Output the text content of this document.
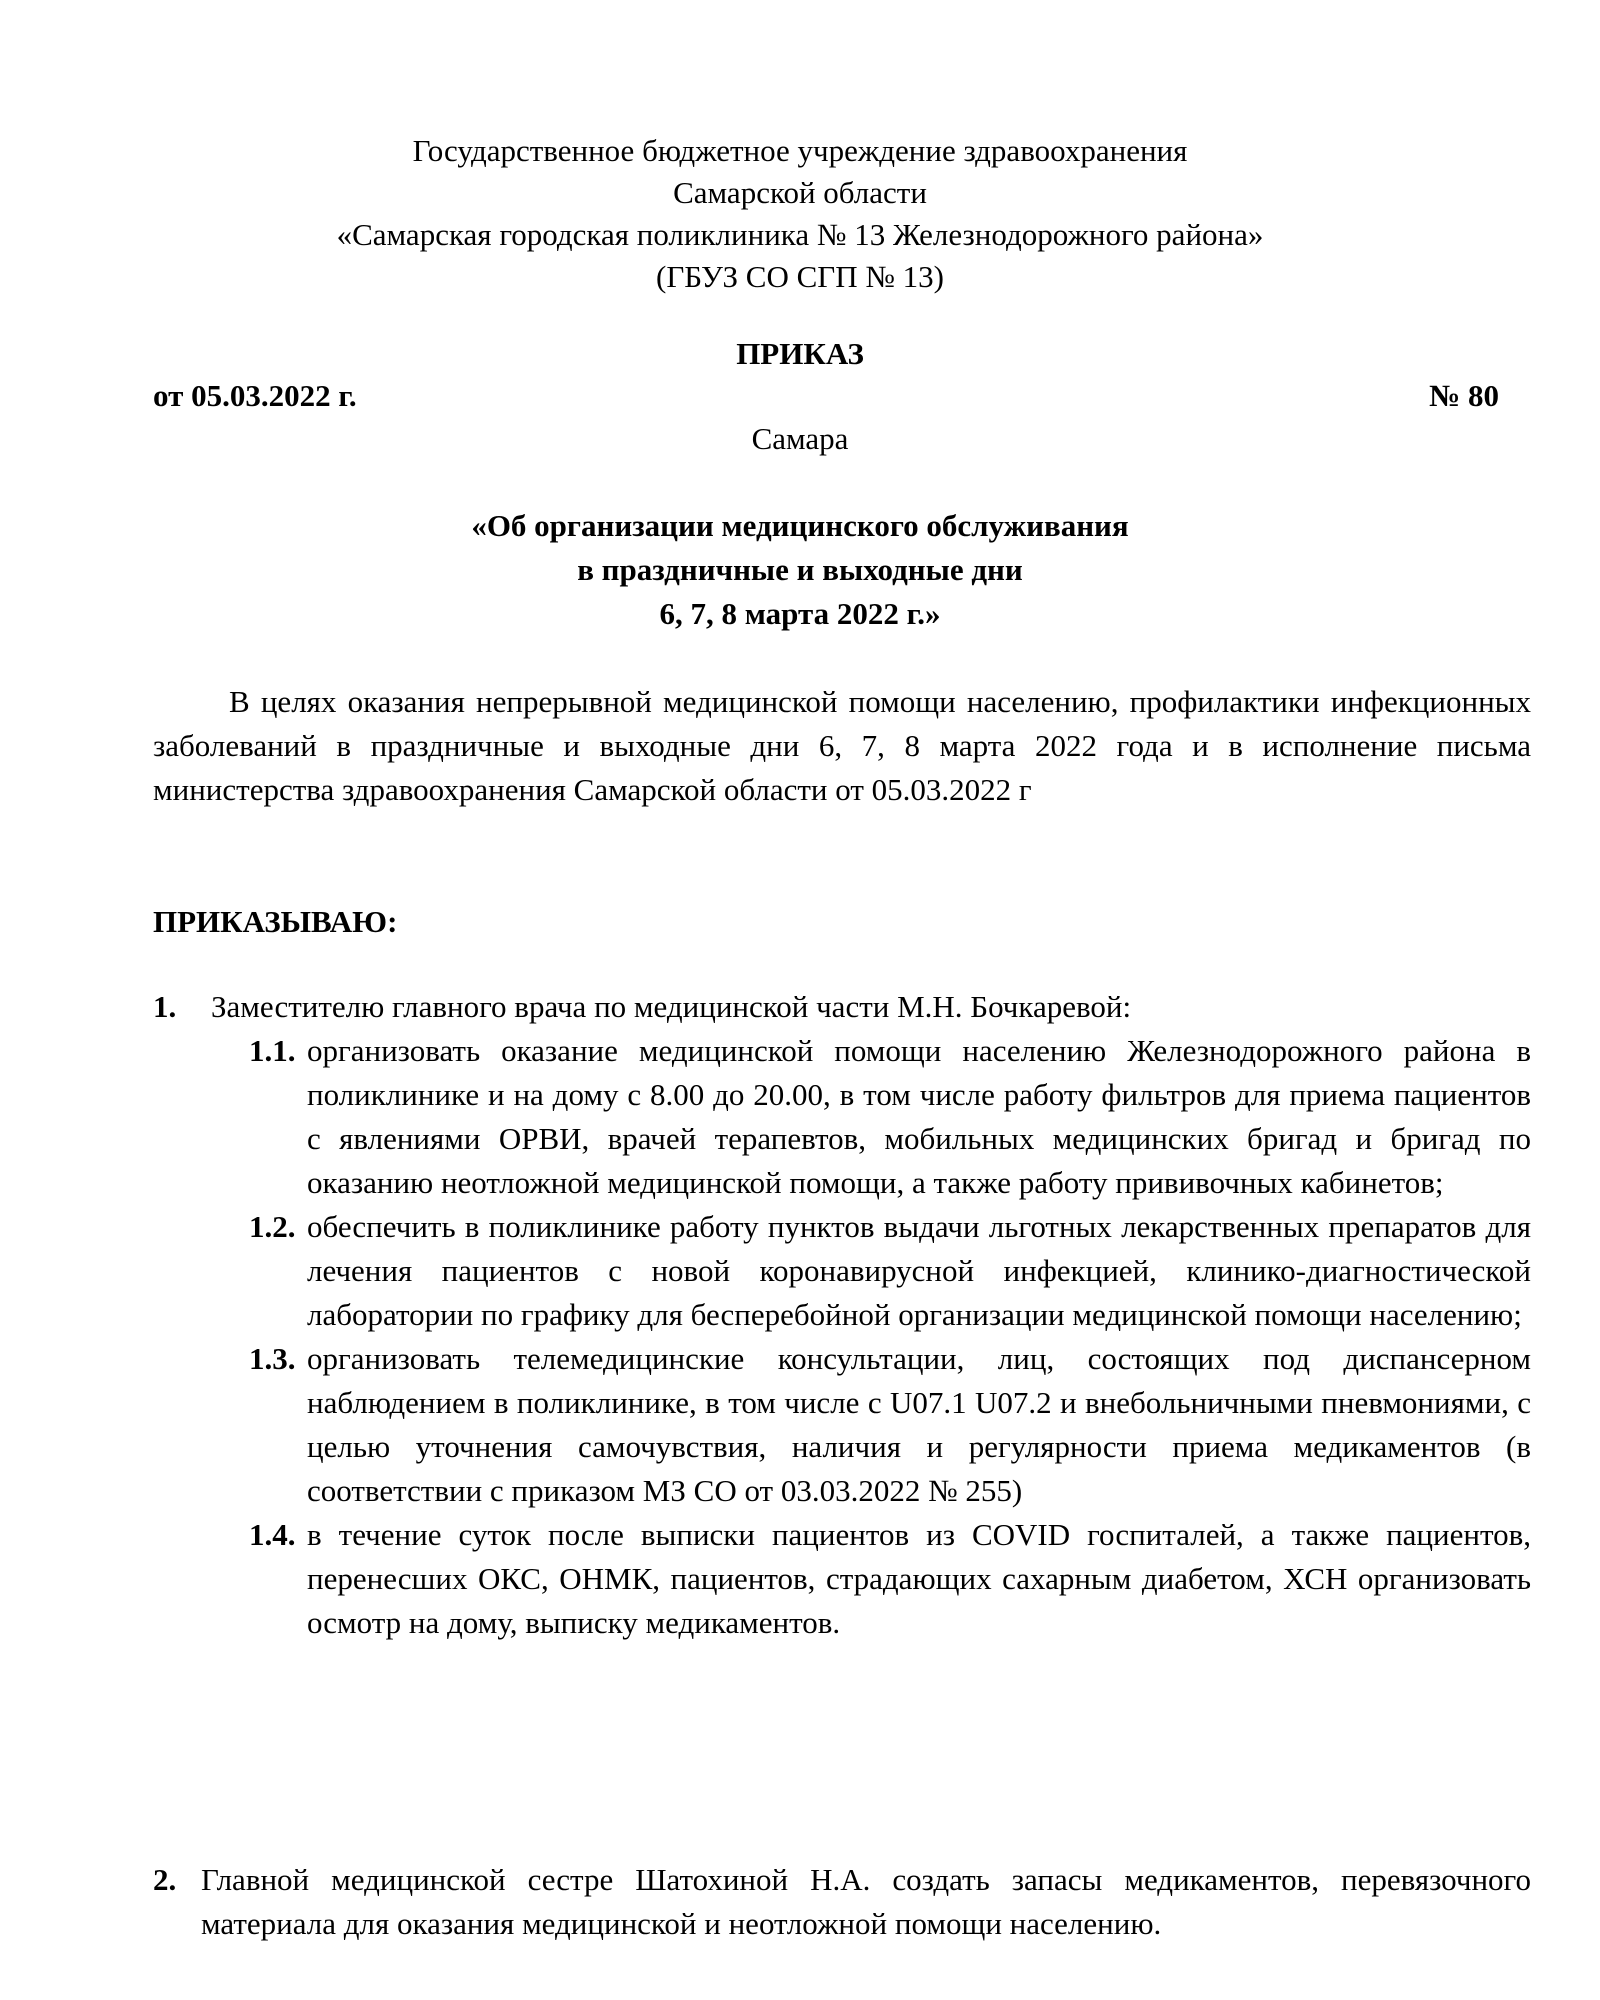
Государственное бюджетное учреждение здравоохранения
Самарской области
«Самарская городская поликлиника № 13 Железнодорожного района»
(ГБУЗ СО СГП № 13)
ПРИКАЗ
от 05.03.2022 г.	№ 80
Самара
«Об организации медицинского обслуживания
в праздничные и выходные дни
6, 7, 8 марта 2022 г.»
В целях оказания непрерывной медицинской помощи населению, профилактики инфекционных заболеваний в праздничные и выходные дни 6, 7, 8 марта 2022 года и в исполнение письма министерства здравоохранения Самарской области от 05.03.2022 г
ПРИКАЗЫВАЮ:
1. Заместителю главного врача по медицинской части М.Н. Бочкаревой:
1.1. организовать оказание медицинской помощи населению Железнодорожного района в поликлинике и на дому с 8.00 до 20.00, в том числе работу фильтров для приема пациентов с явлениями ОРВИ, врачей терапевтов, мобильных медицинских бригад и бригад по оказанию неотложной медицинской помощи, а также работу прививочных кабинетов;
1.2. обеспечить в поликлинике работу пунктов выдачи льготных лекарственных препаратов для лечения пациентов с новой коронавирусной инфекцией, клинико-диагностической лаборатории по графику для бесперебойной организации медицинской помощи населению;
1.3. организовать телемедицинские консультации, лиц, состоящих под диспансерном наблюдением в поликлинике, в том числе с U07.1 U07.2 и внебольничными пневмониями, с целью уточнения самочувствия, наличия и регулярности приема медикаментов (в соответствии с приказом МЗ СО от 03.03.2022 № 255)
1.4. в течение суток после выписки пациентов из COVID госпиталей, а также пациентов, перенесших ОКС, ОНМК, пациентов, страдающих сахарным диабетом, ХСН организовать осмотр на дому, выписку медикаментов.
2. Главной медицинской сестре Шатохиной Н.А. создать запасы медикаментов, перевязочного материала для оказания медицинской и неотложной помощи населению.
